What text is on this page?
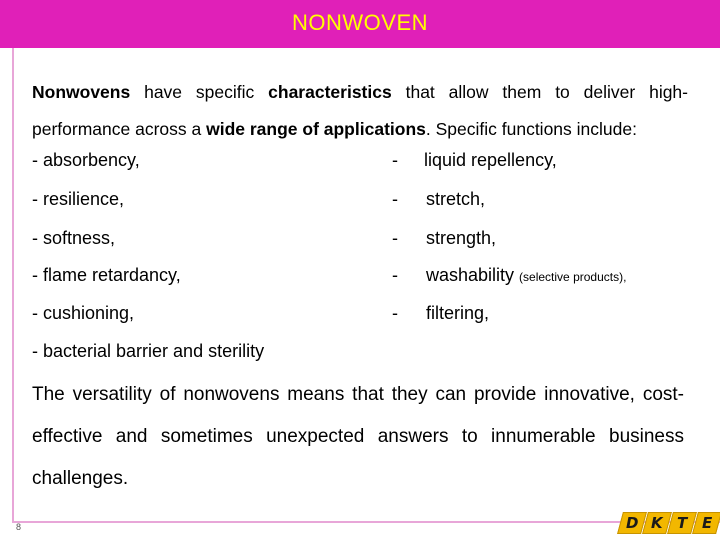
NONWOVEN
Nonwovens have specific characteristics that allow them to deliver high-performance across a wide range of applications. Specific functions include:
- absorbency,
- resilience,
- softness,
- flame retardancy,
- cushioning,
- bacterial barrier and sterility
-
-
-
-
-
liquid repellency,
stretch,
strength,
washability (selective products),
filtering,
The versatility of nonwovens means that they can provide innovative, cost-effective and sometimes unexpected answers to innumerable business challenges.
8	D K T E
